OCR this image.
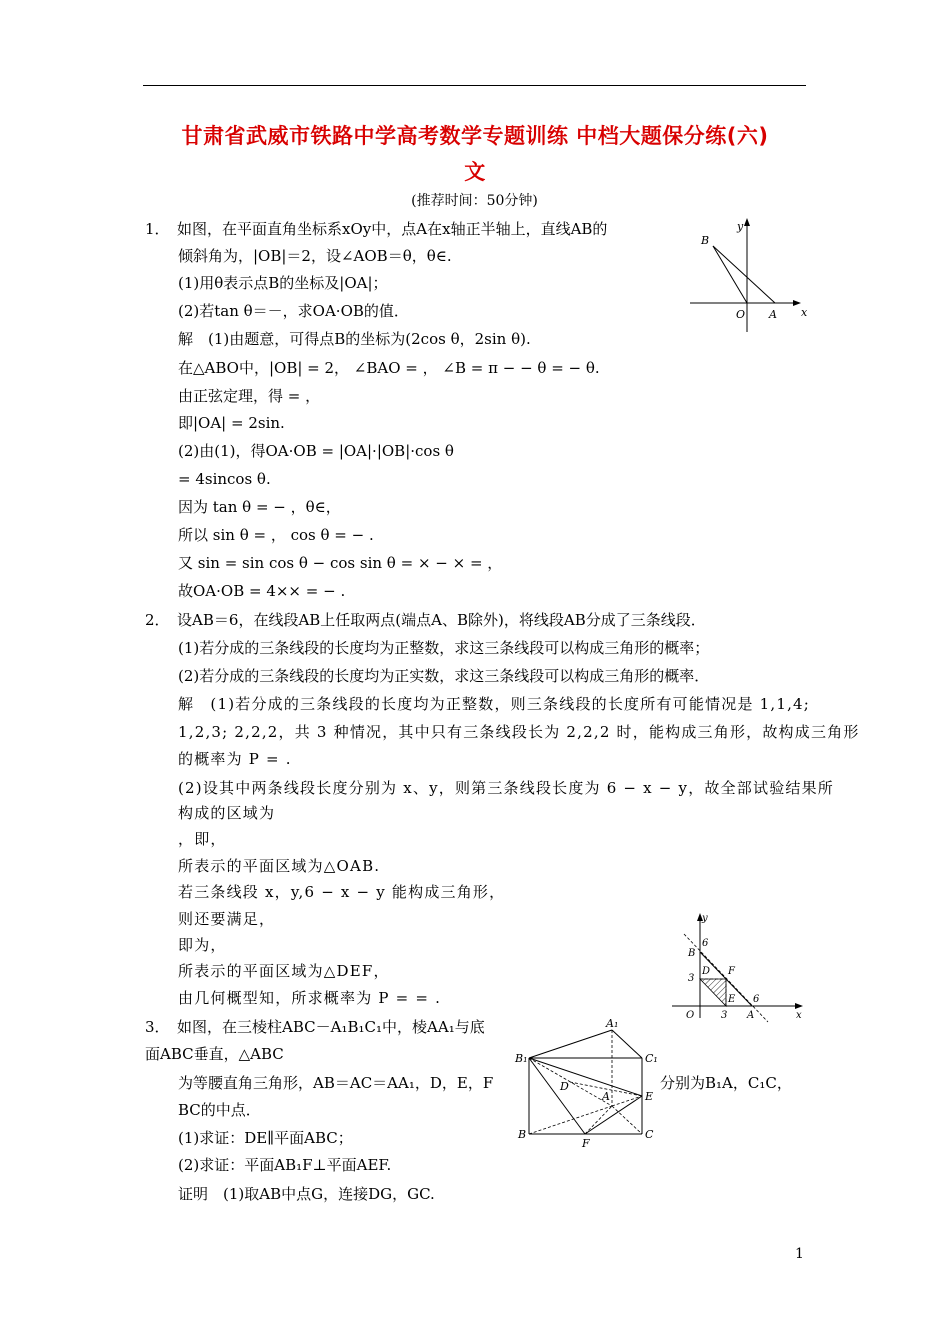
甘肃省武威市铁路中学高考数学专题训练 中档大题保分练(六)
文
(推荐时间：50分钟)
1．　如图，在平面直角坐标系xOy中，点A在x轴正半轴上，直线AB的
倾斜角为，|OB|＝2，设∠AOB＝θ，θ∈.
(1)用θ表示点B的坐标及|OA|；
(2)若tan θ＝－，求OA·OB的值．
解　(1)由题意，可得点B的坐标为(2cos θ，2sin θ).
在△ABO中，|OB| = 2， ∠BAO = ， ∠B = π − − θ = − θ.
由正弦定理，得 = ，
即|OA| = 2sin.
(2)由(1)，得OA·OB = |OA|·|OB|·cos θ
= 4sincos θ.
因为 tan θ = − ，θ∈，
所以 sin θ = ， cos θ = − .
又 sin = sin cos θ − cos sin θ = × − × = ，
故OA·OB = 4×× = − .
y
x
O A
B
2．　设AB＝6，在线段AB上任取两点(端点A、B除外)，将线段AB分成了三条线段．
(1)若分成的三条线段的长度均为正整数，求这三条线段可以构成三角形的概率；
(2)若分成的三条线段的长度均为正实数，求这三条线段可以构成三角形的概率．
解　(1)若分成的三条线段的长度均为正整数，则三条线段的长度所有可能情况是 1,1,4;
1,2,3; 2,2,2，共 3 种情况，其中只有三条线段长为 2,2,2 时，能构成三角形，故构成三角形
的概率为 P = .
(2)设其中两条线段长度分别为 x、y，则第三条线段长度为 6 − x − y，故全部试验结果所
构成的区域为
，即，
所表示的平面区域为△OAB.
若三条线段 x，y,6 − x − y 能构成三角形，
则还要满足，
即为，
所表示的平面区域为△DEF，
由几何概型知，所求概率为 P = = .
y
x
O
6
B
3
D F
E 6
3 A
3．　如图，在三棱柱ABC－A₁B₁C₁中，棱AA₁与底
面ABC垂直，△ABC
为等腰直角三角形，AB＝AC＝AA₁，D，E，F	分别为B₁A，C₁C，
BC的中点．
(1)求证：DE∥平面ABC；
(2)求证：平面AB₁F⊥平面AEF.
证明　(1)取AB中点G，连接DG，GC.
A₁
B₁	C₁
D
A	E
B
F
C
1
